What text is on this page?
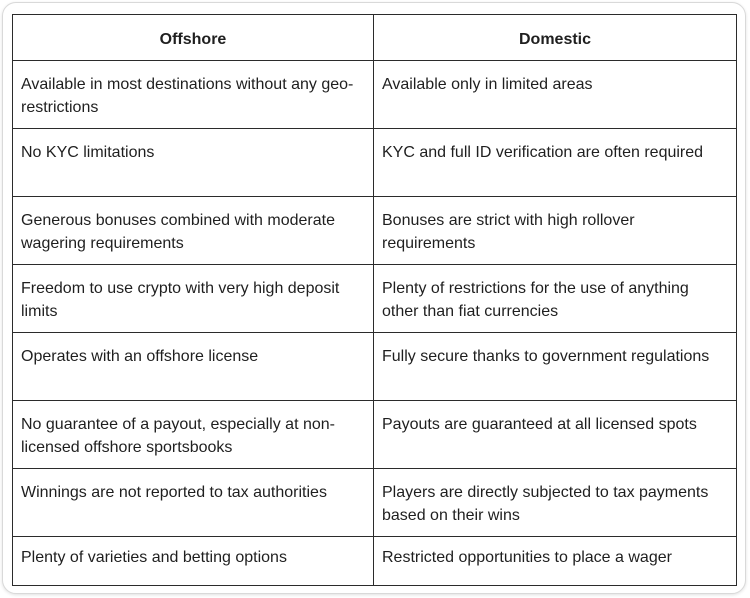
Offshore	Domestic
Available in most destinations without any geo-restrictions	Available only in limited areas
No KYC limitations	KYC and full ID verification are often required
Generous bonuses combined with moderate wagering requirements	Bonuses are strict with high rollover requirements
Freedom to use crypto with very high deposit limits	Plenty of restrictions for the use of anything other than fiat currencies
Operates with an offshore license	Fully secure thanks to government regulations
No guarantee of a payout, especially at non-licensed offshore sportsbooks	Payouts are guaranteed at all licensed spots
Winnings are not reported to tax authorities	Players are directly subjected to tax payments based on their wins
Plenty of varieties and betting options	Restricted opportunities to place a wager
